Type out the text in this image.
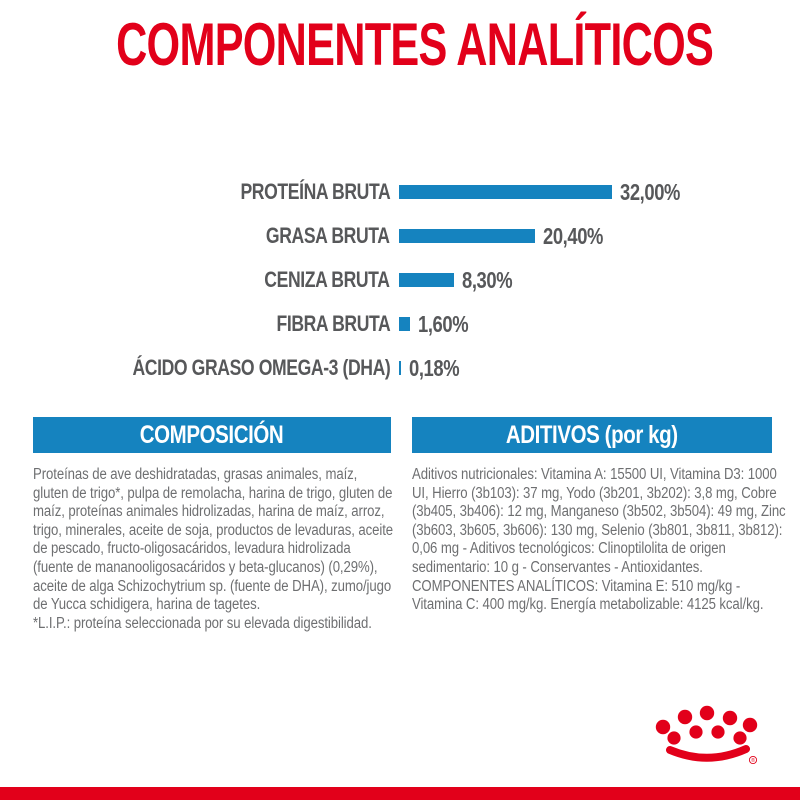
COMPONENTES ANALÍTICOS
PROTEÍNA BRUTA	32,00%
GRASA BRUTA	20,40%
CENIZA BRUTA	8,30%
FIBRA BRUTA 1,60%
ÁCIDO GRASO OMEGA-3 (DHA) 0,18%
COMPOSICIÓN

Proteínas de ave deshidratadas, grasas animales, maíz, gluten de trigo*, pulpa de remolacha, harina de trigo, gluten de maíz, proteínas animales hidrolizadas, harina de maíz, arroz, trigo, minerales, aceite de soja, productos de levaduras, aceite de pescado, fructo-oligosacáridos, levadura hidrolizada (fuente de mananooligosacáridos y beta-glucanos) (0,29%), aceite de alga Schizochytrium sp. (fuente de DHA), zumo/jugo de Yucca schidigera, harina de tagetes.

*L.I.P.: proteína seleccionada por su elevada digestibilidad.

ADITIVOS (por kg)

Aditivos nutricionales: Vitamina A: 15500 UI, Vitamina D3: 1000 UI, Hierro (3b103): 37 mg, Yodo (3b201, 3b202): 3,8 mg, Cobre (3b405, 3b406): 12 mg, Manganeso (3b502, 3b504): 49 mg, Zinc (3b603, 3b605, 3b606): 130 mg, Selenio (3b801, 3b811, 3b812): 0,06 mg - Aditivos tecnológicos: Clinoptilolita de origen sedimentario: 10 g - Conservantes - Antioxidantes. COMPONENTES ANALÍTICOS: Vitamina E: 510 mg/kg - Vitamina C: 400 mg/kg. Energía metabolizable: 4125 kcal/kg.

®
